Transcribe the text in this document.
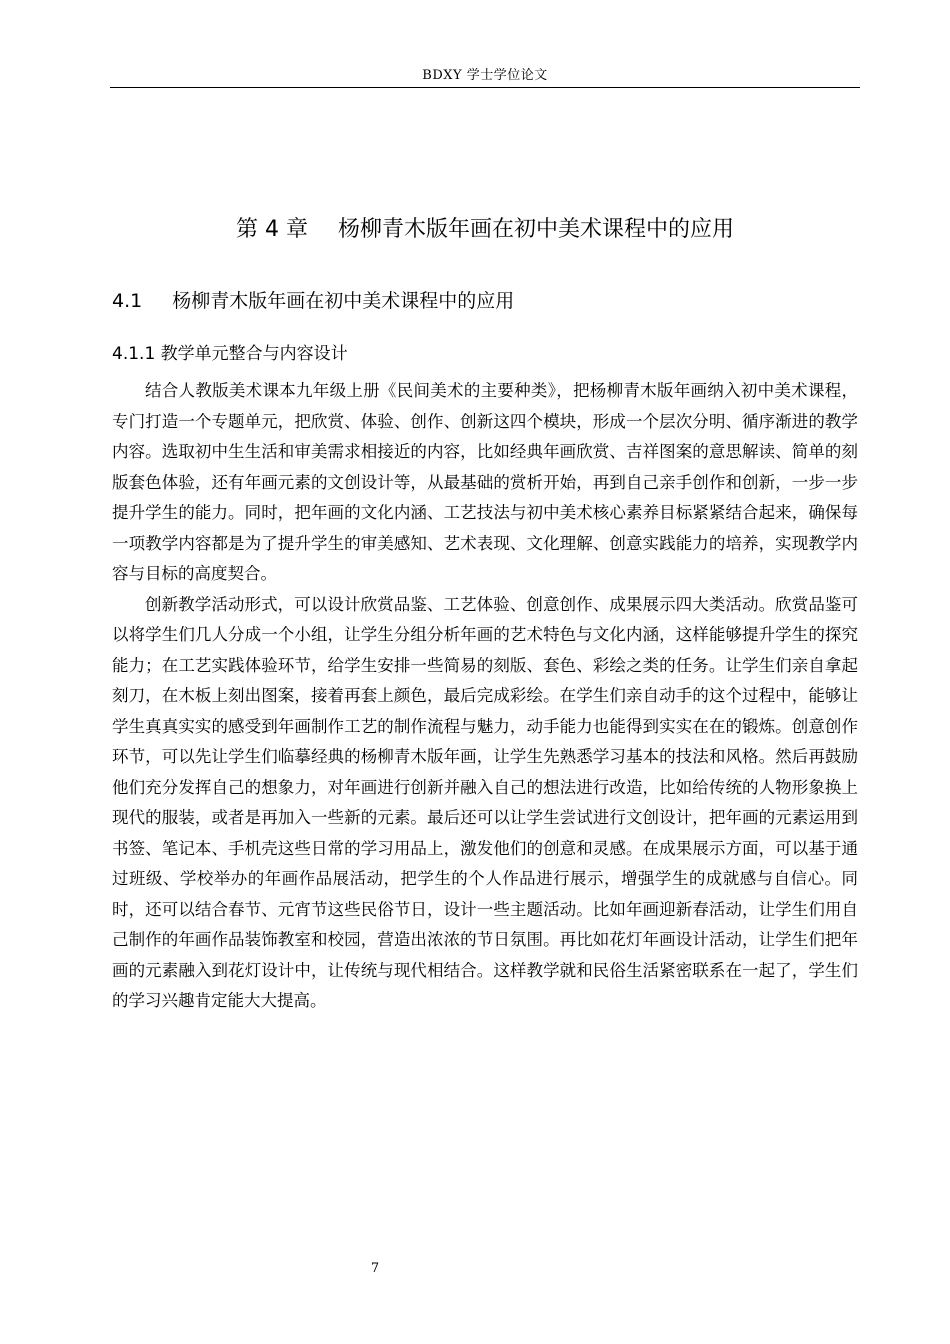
BDXY 学士学位论文
第 4 章 杨柳青木版年画在初中美术课程中的应用
4.1 杨柳青木版年画在初中美术课程中的应用
4.1.1 教学单元整合与内容设计

结合人教版美术课本九年级上册《民间美术的主要种类》，把杨柳青木版年画纳入初中美术课程，专门打造一个专题单元，把欣赏、体验、创作、创新这四个模块，形成一个层次分明、循序渐进的教学内容。选取初中生生活和审美需求相接近的内容，比如经典年画欣赏、吉祥图案的意思解读、简单的刻版套色体验，还有年画元素的文创设计等，从最基础的赏析开始，再到自己亲手创作和创新，一步一步提升学生的能力。同时，把年画的文化内涵、工艺技法与初中美术核心素养目标紧紧结合起来，确保每一项教学内容都是为了提升学生的审美感知、艺术表现、文化理解、创意实践能力的培养，实现教学内容与目标的高度契合。

创新教学活动形式，可以设计欣赏品鉴、工艺体验、创意创作、成果展示四大类活动。欣赏品鉴可以将学生们几人分成一个小组，让学生分组分析年画的艺术特色与文化内涵，这样能够提升学生的探究能力；在工艺实践体验环节，给学生安排一些简易的刻版、套色、彩绘之类的任务。让学生们亲自拿起刻刀，在木板上刻出图案，接着再套上颜色，最后完成彩绘。在学生们亲自动手的这个过程中，能够让学生真真实实的感受到年画制作工艺的制作流程与魅力，动手能力也能得到实实在在的锻炼。创意创作环节，可以先让学生们临摹经典的杨柳青木版年画，让学生先熟悉学习基本的技法和风格。然后再鼓励他们充分发挥自己的想象力，对年画进行创新并融入自己的想法进行改造，比如给传统的人物形象换上现代的服装，或者是再加入一些新的元素。最后还可以让学生尝试进行文创设计，把年画的元素运用到书签、笔记本、手机壳这些日常的学习用品上，激发他们的创意和灵感。在成果展示方面，可以基于通过班级、学校举办的年画作品展活动，把学生的个人作品进行展示，增强学生的成就感与自信心。同时，还可以结合春节、元宵节这些民俗节日，设计一些主题活动。比如年画迎新春活动，让学生们用自己制作的年画作品装饰教室和校园，营造出浓浓的节日氛围。再比如花灯年画设计活动，让学生们把年画的元素融入到花灯设计中，让传统与现代相结合。这样教学就和民俗生活紧密联系在一起了，学生们的学习兴趣肯定能大大提高。

7
